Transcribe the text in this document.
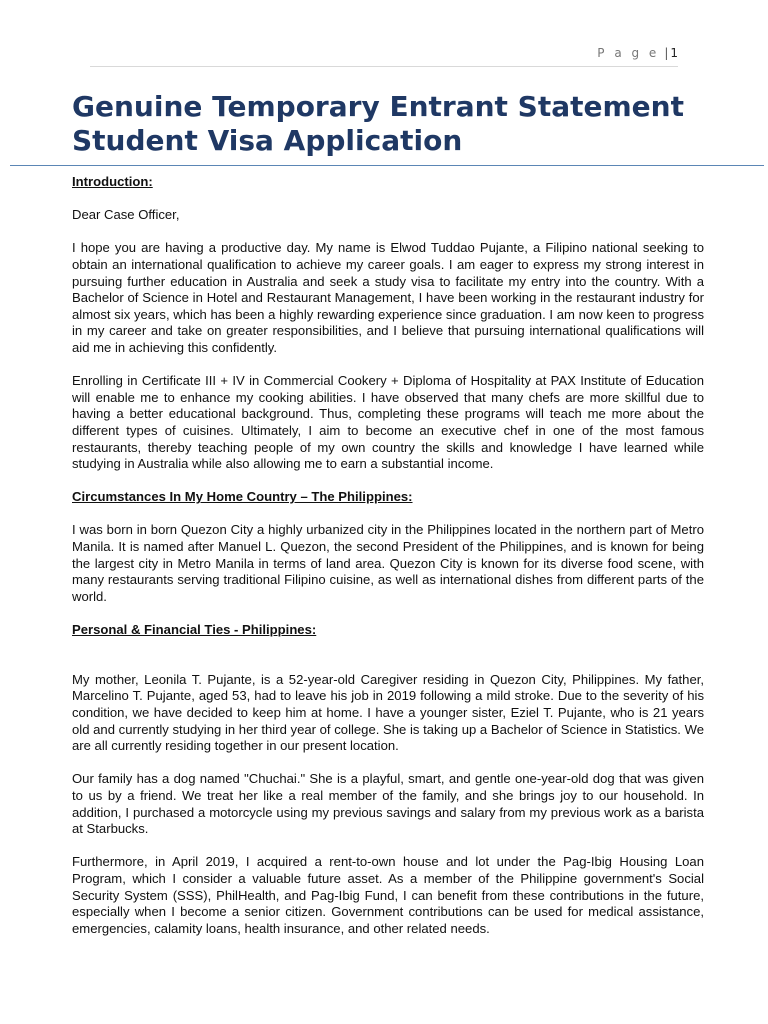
P a g e | 1
Genuine Temporary Entrant Statement
Student Visa Application

Introduction:

Dear Case Officer,

I hope you are having a productive day. My name is Elwod Tuddao Pujante, a Filipino national seeking to obtain an international qualification to achieve my career goals. I am eager to express my strong interest in pursuing further education in Australia and seek a study visa to facilitate my entry into the country. With a Bachelor of Science in Hotel and Restaurant Management, I have been working in the restaurant industry for almost six years, which has been a highly rewarding experience since graduation. I am now keen to progress in my career and take on greater responsibilities, and I believe that pursuing international qualifications will aid me in achieving this confidently.

Enrolling in Certificate III + IV in Commercial Cookery + Diploma of Hospitality at PAX Institute of Education will enable me to enhance my cooking abilities. I have observed that many chefs are more skillful due to having a better educational background. Thus, completing these programs will teach me more about the different types of cuisines. Ultimately, I aim to become an executive chef in one of the most famous restaurants, thereby teaching people of my own country the skills and knowledge I have learned while studying in Australia while also allowing me to earn a substantial income.

Circumstances In My Home Country – The Philippines:

I was born in born Quezon City a highly urbanized city in the Philippines located in the northern part of Metro Manila. It is named after Manuel L. Quezon, the second President of the Philippines, and is known for being the largest city in Metro Manila in terms of land area. Quezon City is known for its diverse food scene, with many restaurants serving traditional Filipino cuisine, as well as international dishes from different parts of the world.

Personal & Financial Ties - Philippines:

My mother, Leonila T. Pujante, is a 52-year-old Caregiver residing in Quezon City, Philippines. My father, Marcelino T. Pujante, aged 53, had to leave his job in 2019 following a mild stroke. Due to the severity of his condition, we have decided to keep him at home. I have a younger sister, Eziel T. Pujante, who is 21 years old and currently studying in her third year of college. She is taking up a Bachelor of Science in Statistics. We are all currently residing together in our present location.

Our family has a dog named "Chuchai." She is a playful, smart, and gentle one-year-old dog that was given to us by a friend. We treat her like a real member of the family, and she brings joy to our household. In addition, I purchased a motorcycle using my previous savings and salary from my previous work as a barista at Starbucks.

Furthermore, in April 2019, I acquired a rent-to-own house and lot under the Pag-Ibig Housing Loan Program, which I consider a valuable future asset. As a member of the Philippine government's Social Security System (SSS), PhilHealth, and Pag-Ibig Fund, I can benefit from these contributions in the future, especially when I become a senior citizen. Government contributions can be used for medical assistance, emergencies, calamity loans, health insurance, and other related needs.
